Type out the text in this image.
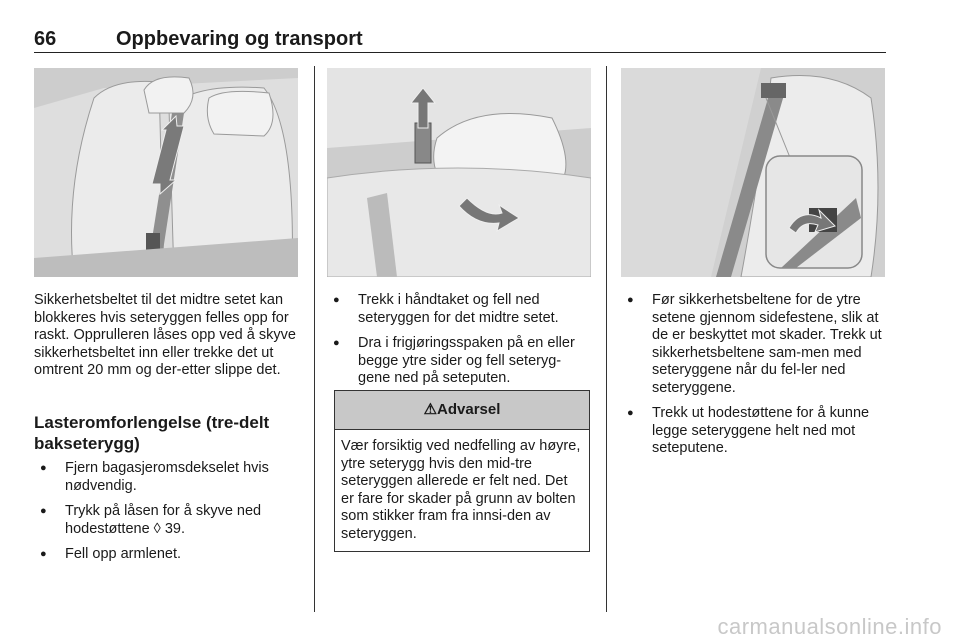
66	Oppbevaring og transport

Sikkerhetsbeltet til det midtre setet kan blokkeres hvis seteryggen felles opp for raskt. Opprulleren låses opp ved å skyve sikkerhetsbeltet inn eller trekke det ut omtrent 20 mm og der-etter slippe det.

Lasteromforlengelse (tre-delt bakseterygg)
● Fjern bagasjeromsdekselet hvis nødvendig.
● Trykk på låsen for å skyve ned hodestøttene ◊ 39.
● Fell opp armlenet.
● Trekk i håndtaket og fell ned seteryggen for det midtre setet.
● Dra i frigjøringsspaken på en eller begge ytre sider og fell seteryg-gene ned på seteputen.
⚠Advarsel
Vær forsiktig ved nedfelling av høyre, ytre seterygg hvis den mid-tre seteryggen allerede er felt ned. Det er fare for skader på grunn av bolten som stikker fram fra innsi-den av seteryggen.
● Før sikkerhetsbeltene for de ytre setene gjennom sidefestene, slik at de er beskyttet mot skader. Trekk ut sikkerhetsbeltene sam-men med seteryggene når du fel-ler ned seteryggene.
● Trekk ut hodestøttene for å kunne legge seteryggene helt ned mot seteputene.
carmanualsonline.info
